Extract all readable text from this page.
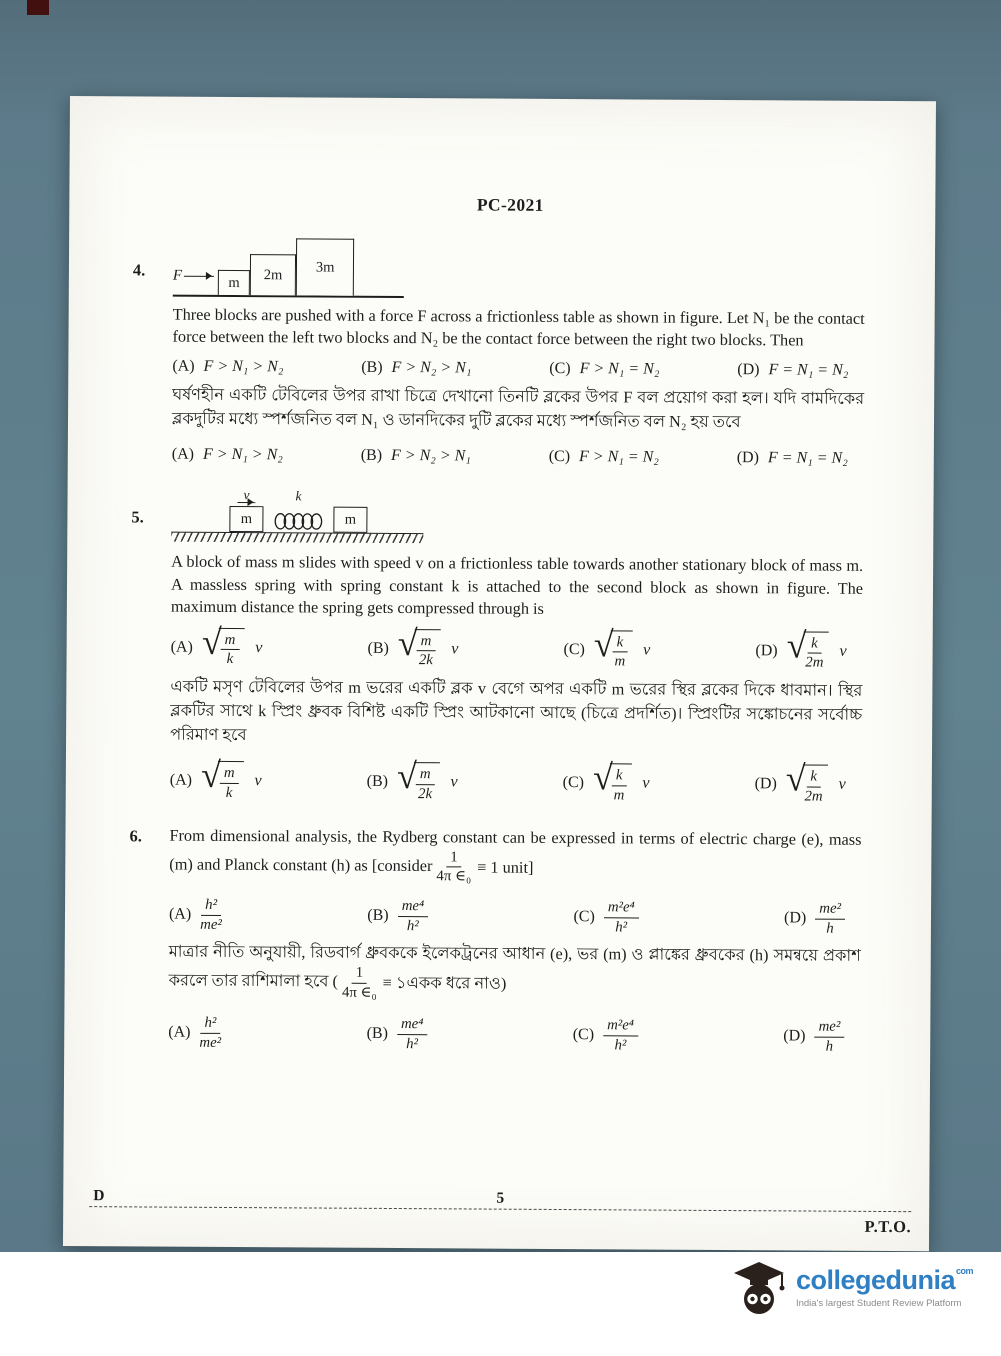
PC-2021
4.	F	m	2m	3m

Three blocks are pushed with a force F across a frictionless table as shown in figure. Let N₁ be the contact force between the left two blocks and N₂ be the contact force between the right two blocks. Then

(A) F > N₁ > N₂	(B) F > N₂ > N₁	(C) F > N₁ = N₂	(D) F = N₁ = N₂

ঘর্ষণহীন একটি টেবিলের উপর রাখা চিত্রে দেখানো তিনটি ব্লকের উপর F বল প্রয়োগ করা হল। যদি বামদিকের ব্লকদুটির মধ্যে স্পর্শজনিত বল N₁ ও ডানদিকের দুটি ব্লকের মধ্যে স্পর্শজনিত বল N₂ হয় তবে

(A) F > N₁ > N₂	(B) F > N₂ > N₁	(C) F > N₁ = N₂	(D) F = N₁ = N₂
5.
v
m
k
m

A block of mass m slides with speed v on a frictionless table towards another stationary block of mass m. A massless spring with spring constant k is attached to the second block as shown in figure. The maximum distance the spring gets compressed through is

(A) √
$\frac{m}{k}$ v	(B) √
$\frac{m}{2k}$ v	(C) √
$\frac{k}{m}$ v	(D) √
$\frac{k}{2m}$ v

একটি মসৃণ টেবিলের উপর m ভরের একটি ব্লক v বেগে অপর একটি m ভরের স্থির ব্লকের দিকে ধাবমান। স্থির ব্লকটির সাথে k স্প্রিং ধ্রুবক বিশিষ্ট একটি স্প্রিং আটকানো আছে (চিত্রে প্রদর্শিত)। স্প্রিংটির সঙ্কোচনের সর্বোচ্চ পরিমাণ হবে

(A) √
$\frac{m}{k}$ v	(B) √
$\frac{m}{2k}$ v	(C) √
$\frac{k}{m}$ v	(D) √
$\frac{k}{2m}$ v
6.	From dimensional analysis, the Rydberg constant can be expressed in terms of electric charge (e), mass (m) and Planck constant (h) as [consider $\frac{1}{\text{4π ∈₀}} \equiv 1$ unit]

$(A) \frac{\text{h²}}{\text{me²}}$	$(B) \frac{\text{me⁴}}{\text{h²}}$	$(C) \frac{\text{m²e⁴}}{\text{h²}}$	$(D) \frac{\text{me²}}{h}$

মাত্রার নীতি অনুযায়ী, রিডবার্গ ধ্রুবককে ইলেকট্রনের আধান (e), ভর (m) ও প্লাঙ্কের ধ্রুবকের (h) সমন্বয়ে প্রকাশ করলে তার রাশিমালা হবে ( $\frac{1}{\text{4π ∈₀}}$ ≡ ১একক ধরে নাও)

$(A) \frac{\text{h²}}{\text{me²}}$	$(B) \frac{\text{me⁴}}{\text{h²}}$	$(C) \frac{\text{m²e⁴}}{\text{h²}}$	$(D) \frac{\text{me²}}{h}$
D	5
P.T.O.
collegedunia$^{com}$
India's largest Student Review Platform
